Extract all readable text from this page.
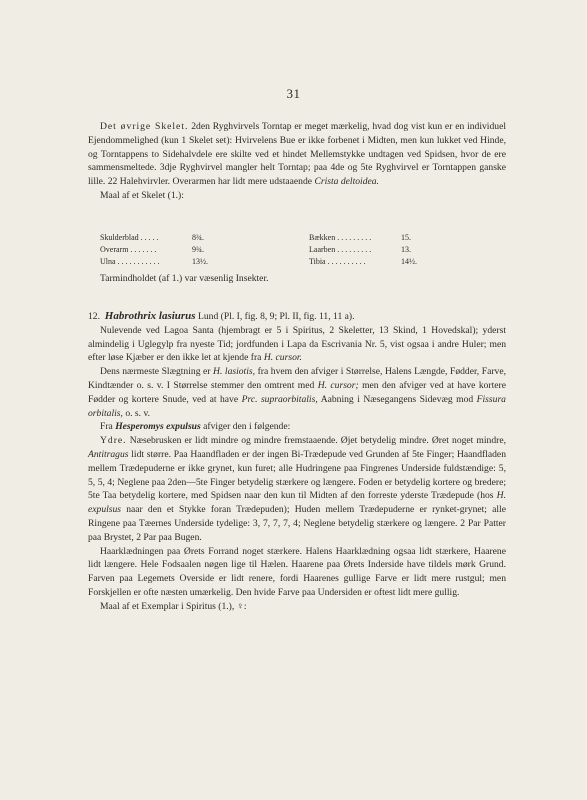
31

Det øvrige Skelet. 2den Ryghvirvels Torntap er meget mærkelig, hvad dog vist kun er en individuel Ejendommelighed (kun 1 Skelet set): Hvirvelens Bue er ikke forbenet i Midten, men kun lukket ved Hinde, og Torntappens to Sidehalvdele ere skilte ved et hindet Mellemstykke undtagen ved Spidsen, hvor de ere sammensmeltede. 3dje Ryghvirvel mangler helt Torntap; paa 4de og 5te Ryghvirvel er Torntappen ganske lille. 22 Halehvirvler. Overarmen har lidt mere udstaaende Crista deltoidea.

Maal af et Skelet (1.):

Skulderblad . . . . .	8¾.	Bækken . . . . . . . . .	15.
Overarm . . . . . . .	9¾.	Laarben . . . . . . . . .	13.
Ulna . . . . . . . . . . .	13½.	Tibia . . . . . . . . . .	14½.

Tarmindholdet (af 1.) var væsenlig Insekter.

12. Habrothrix lasiurus Lund (Pl. I, fig. 8, 9; Pl. II, fig. 11, 11 a).

Nulevende ved Lagoa Santa (hjembragt er 5 i Spiritus, 2 Skeletter, 13 Skind, 1 Hovedskal); yderst almindelig i Uglegylp fra nyeste Tid; jordfunden i Lapa da Escrivania Nr. 5, vist ogsaa i andre Huler; men efter løse Kjæber er den ikke let at kjende fra H. cursor.

Dens nærmeste Slægtning er H. lasiotis, fra hvem den afviger i Størrelse, Halens Længde, Fødder, Farve, Kindtænder o. s. v. I Størrelse stemmer den omtrent med H. cursor; men den afviger ved at have kortere Fødder og kortere Snude, ved at have Prc. supraorbitalis, Aabning i Næsegangens Sidevæg mod Fissura orbitalis, o. s. v.

Fra Hesperomys expulsus afviger den i følgende:

Ydre. Næsebrusken er lidt mindre og mindre fremstaaende. Øjet betydelig mindre. Øret noget mindre, Antitragus lidt større. Paa Haandfladen er der ingen Bi-Trædepude ved Grunden af 5te Finger; Haandfladen mellem Trædepuderne er ikke grynet, kun furet; alle Hudringene paa Fingrenes Underside fuldstændige: 5, 5, 5, 4; Neglene paa 2den—5te Finger betydelig stærkere og længere. Foden er betydelig kortere og bredere; 5te Taa betydelig kortere, med Spidsen naar den kun til Midten af den forreste yderste Trædepude (hos H. expulsus naar den et Stykke foran Trædepuden); Huden mellem Trædepuderne er rynket-grynet; alle Ringene paa Tæernes Underside tydelige: 3, 7, 7, 7, 4; Neglene betydelig stærkere og længere. 2 Par Patter paa Brystet, 2 Par paa Bugen.

Haarklædningen paa Ørets Forrand noget stærkere. Halens Haarklædning ogsaa lidt stærkere, Haarene lidt længere. Hele Fodsaalen nøgen lige til Hælen. Haarene paa Ørets Inderside have tildels mørk Grund. Farven paa Legemets Overside er lidt renere, fordi Haarenes gullige Farve er lidt mere rustgul; men Forskjellen er ofte næsten umærkelig. Den hvide Farve paa Undersiden er oftest lidt mere gullig.

Maal af et Exemplar i Spiritus (1.), ♀:
